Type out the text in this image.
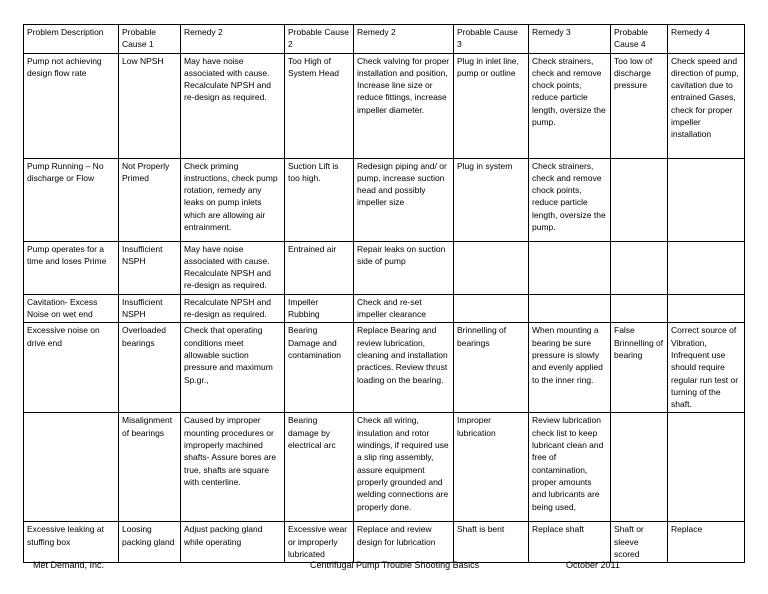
Problem Description	Probable Cause 1	Remedy 2	Probable Cause 2	Remedy 2	Probable Cause 3	Remedy 3	Probable Cause 4	Remedy 4
Pump not achieving design flow rate	Low NPSH	May have noise associated with cause. Recalculate NPSH and re-design as required.	Too High of System Head	Check valving for proper installation and position, Increase line size or reduce fittings, increase impeller diameter.	Plug in inlet line, pump or outline	Check strainers, check and remove chock points, reduce particle length, oversize the pump.	Too low of discharge pressure	Check speed and direction of pump, cavitation due to entrained Gases, check for proper impeller installation
Pump Running – No discharge or Flow	Not Properly Primed	Check priming instructions, check pump rotation, remedy any leaks on pump inlets which are allowing air entrainment.	Suction Lift is too high.	Redesign piping and/ or pump, increase suction head and possibly impeller size	Plug in system	Check strainers, check and remove chock points, reduce particle length, oversize the pump.		
Pump operates for a time and loses Prime	Insufficient NSPH	May have noise associated with cause. Recalculate NPSH and re-design as required.	Entrained air	Repair leaks on suction side of pump				
Cavitation- Excess Noise on wet end	Insufficient NSPH	Recalculate NPSH and re-design as required.	Impeller Rubbing	Check and re-set impeller clearance				
Excessive noise on drive end	Overloaded bearings	Check that operating conditions meet allowable suction pressure and maximum Sp.gr.,	Bearing Damage and contamination	Replace Bearing and review lubrication, cleaning and installation practices. Review thrust loading on the bearing.	Brinnelling of bearings	When mounting a bearing be sure pressure is slowly and evenly applied to the inner ring.	False Brinnelling of bearing	Correct source of Vibration, Infrequent use should require regular run test or turning of the shaft.
	Misalignment of bearings	Caused by improper mounting procedures or improperly machined shafts- Assure bores are true, shafts are square with centerline.	Bearing damage by electrical arc	Check all wiring, insulation and rotor windings, if required use a slip ring assembly, assure equipment properly grounded and welding connections are properly done.	Improper lubrication	Review lubrication check list to keep lubricant clean and free of contamination, proper amounts and lubricants are being used,		
Excessive leaking at stuffing box	Loosing packing gland	Adjust packing gland while operating	Excessive wear or improperly lubricated	Replace and review design for lubrication	Shaft is bent	Replace shaft	Shaft or sleeve scored	Replace
Met Demand, Inc.	Centrifugal Pump Trouble Shooting Basics	October 2011
